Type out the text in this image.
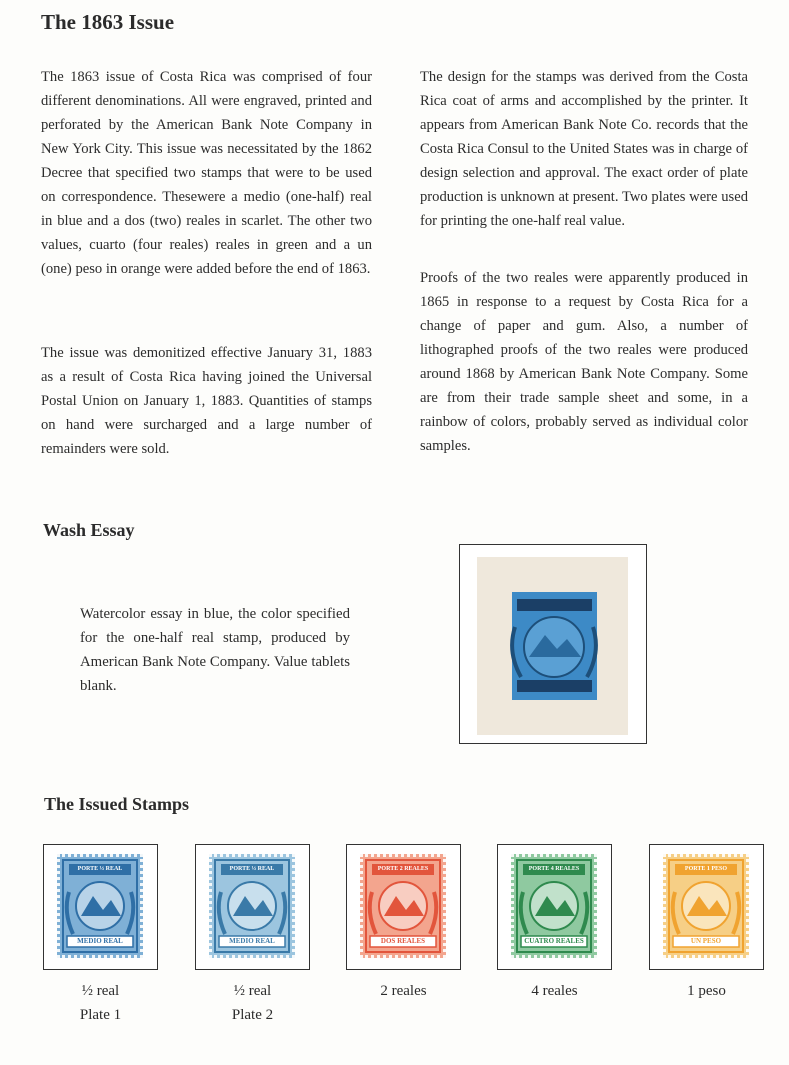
The 1863 Issue

The 1863 issue of Costa Rica was comprised of four different denominations. All were engraved, printed and perforated by the American Bank Note Company in New York City. This issue was necessitated by the 1862 Decree that specified two stamps that were to be used on correspondence. Thesewere a medio (one-half) real in blue and a dos (two) reales in scarlet. The other two values, cuarto (four reales) reales in green and a un (one) peso in orange were added before the end of 1863.

The issue was demonitized effective January 31, 1883 as a result of Costa Rica having joined the Universal Postal Union on January 1, 1883. Quantities of stamps on hand were surcharged and a large number of remainders were sold.

The design for the stamps was derived from the Costa Rica coat of arms and accomplished by the printer. It appears from American Bank Note Co. records that the Costa Rica Consul to the United States was in charge of design selection and approval. The exact order of plate production is unknown at present. Two plates were used for printing the one-half real value.

Proofs of the two reales were apparently produced in 1865 in response to a request by Costa Rica for a change of paper and gum. Also, a number of lithographed proofs of the two reales were produced around 1868 by American Bank Note Company. Some are from their trade sample sheet and some, in a rainbow of colors, probably served as individual color samples.

Wash Essay

Watercolor essay in blue, the color specified for the one-half real stamp, produced by American Bank Note Company. Value tablets blank.

The Issued Stamps
PORTE ½ REAL
MEDIO REAL
½ real
Plate 1
PORTE ½ REAL
MEDIO REAL
½ real
Plate 2
PORTE 2 REALES
DOS REALES
2 reales
PORTE 4 REALES
CUATRO REALES
4 reales
PORTE 1 PESO
UN PESO
1 peso
